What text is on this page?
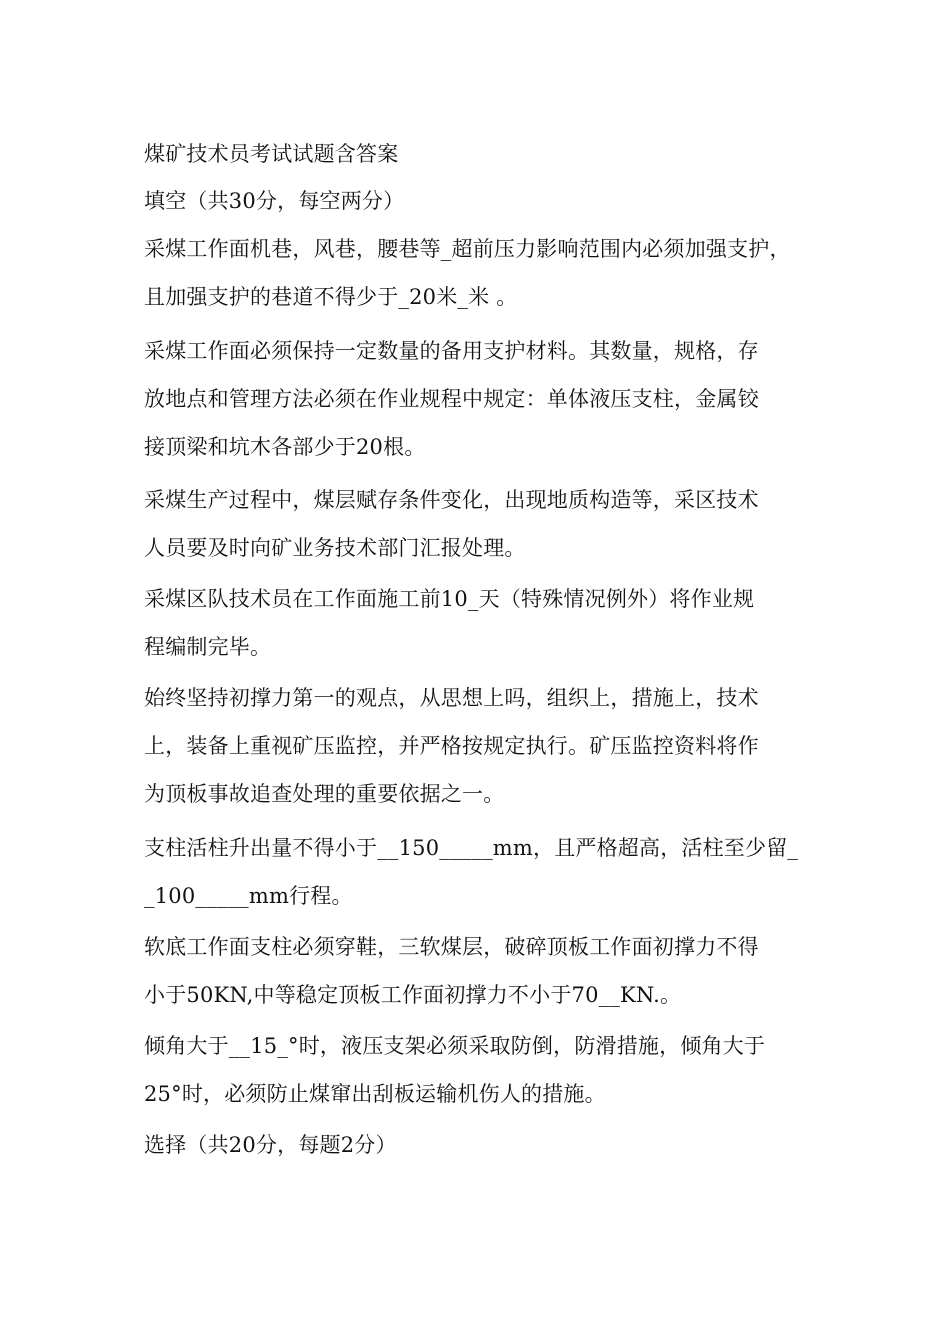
煤矿技术员考试试题含答案
填空（共30分，每空两分）
采煤工作面机巷，风巷，腰巷等_超前压力影响范围内必须加强支护，
且加强支护的巷道不得少于_20米_米 。
采煤工作面必须保持一定数量的备用支护材料。其数量，规格，存
放地点和管理方法必须在作业规程中规定：单体液压支柱，金属铰
接顶梁和坑木各部少于20根。
采煤生产过程中，煤层赋存条件变化，出现地质构造等，采区技术
人员要及时向矿业务技术部门汇报处理。
采煤区队技术员在工作面施工前10_天（特殊情况例外）将作业规
程编制完毕。
始终坚持初撑力第一的观点，从思想上吗，组织上，措施上，技术
上，装备上重视矿压监控，并严格按规定执行。矿压监控资料将作
为顶板事故追查处理的重要依据之一。
支柱活柱升出量不得小于__150_____mm，且严格超高，活柱至少留_
_100_____mm行程。
软底工作面支柱必须穿鞋，三软煤层，破碎顶板工作面初撑力不得
小于50KN,中等稳定顶板工作面初撑力不小于70__KN.。
倾角大于__15_°时，液压支架必须采取防倒，防滑措施，倾角大于
25°时，必须防止煤窜出刮板运输机伤人的措施。
选择（共20分，每题2分）
